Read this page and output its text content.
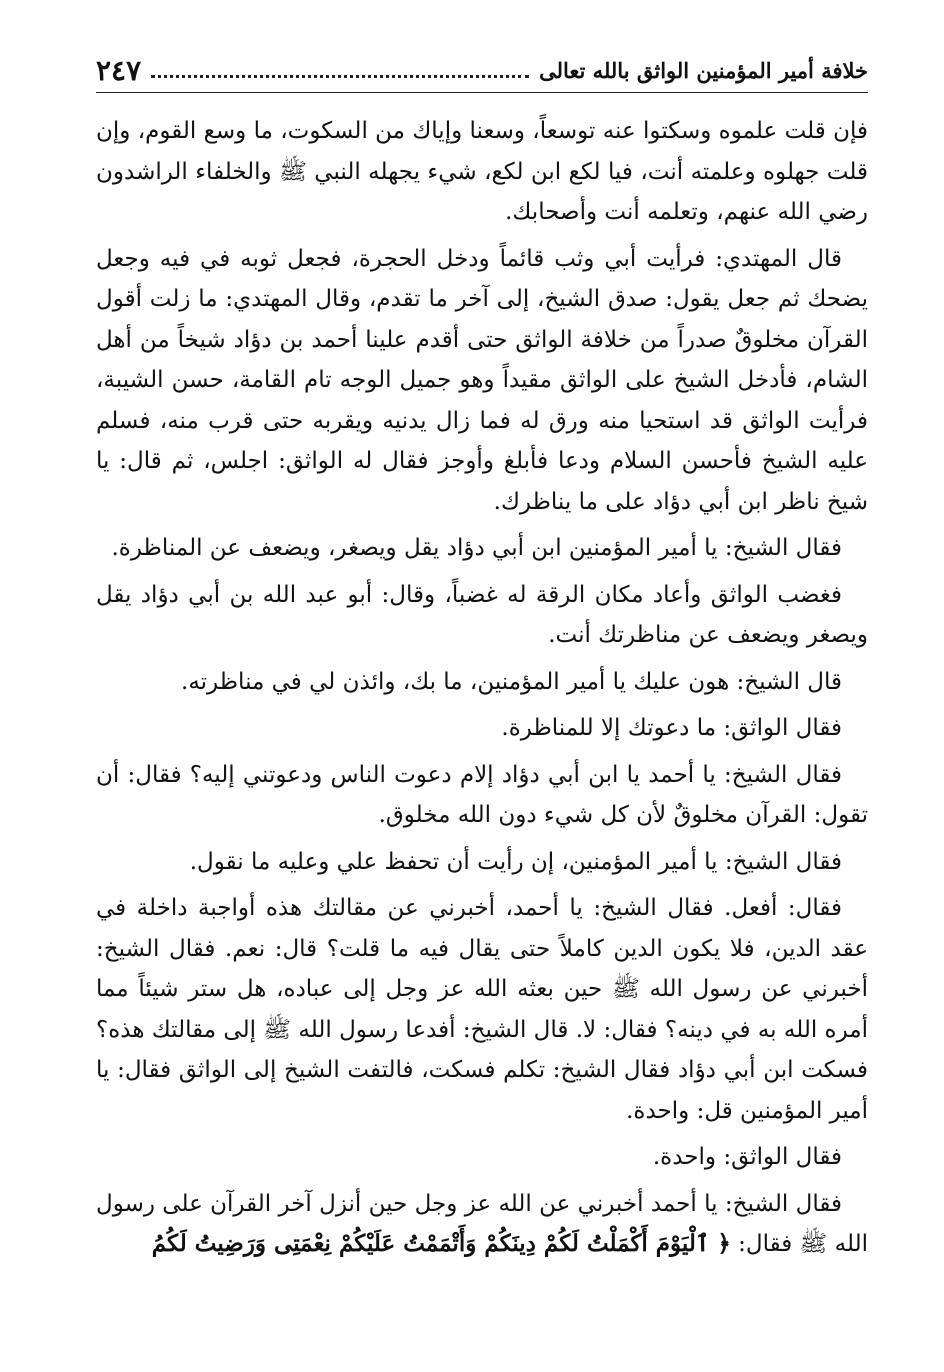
خلافة أمير المؤمنين الواثق بالله تعالى
٢٤٧

فإن قلت علموه وسكتوا عنه توسعاً، وسعنا وإياك من السكوت، ما وسع القوم، وإن قلت جهلوه وعلمته أنت، فيا لكع ابن لكع، شيء يجهله النبي ﷺ والخلفاء الراشدون رضي الله عنهم، وتعلمه أنت وأصحابك.

قال المهتدي: فرأيت أبي وثب قائماً ودخل الحجرة، فجعل ثوبه في فيه وجعل يضحك ثم جعل يقول: صدق الشيخ، إلى آخر ما تقدم، وقال المهتدي: ما زلت أقول القرآن مخلوقٌ صدراً من خلافة الواثق حتى أقدم علينا أحمد بن دؤاد شيخاً من أهل الشام، فأدخل الشيخ على الواثق مقيداً وهو جميل الوجه تام القامة، حسن الشيبة، فرأيت الواثق قد استحيا منه ورق له فما زال يدنيه ويقربه حتى قرب منه، فسلم عليه الشيخ فأحسن السلام ودعا فأبلغ وأوجز فقال له الواثق: اجلس، ثم قال: يا شيخ ناظر ابن أبي دؤاد على ما يناظرك.

فقال الشيخ: يا أمير المؤمنين ابن أبي دؤاد يقل ويصغر، ويضعف عن المناظرة.

فغضب الواثق وأعاد مكان الرقة له غضباً، وقال: أبو عبد الله بن أبي دؤاد يقل ويصغر ويضعف عن مناظرتك أنت.

قال الشيخ: هون عليك يا أمير المؤمنين، ما بك، وائذن لي في مناظرته.

فقال الواثق: ما دعوتك إلا للمناظرة.

فقال الشيخ: يا أحمد يا ابن أبي دؤاد إلام دعوت الناس ودعوتني إليه؟ فقال: أن تقول: القرآن مخلوقٌ لأن كل شيء دون الله مخلوق.

فقال الشيخ: يا أمير المؤمنين، إن رأيت أن تحفظ علي وعليه ما نقول.

فقال: أفعل. فقال الشيخ: يا أحمد، أخبرني عن مقالتك هذه أواجبة داخلة في عقد الدين، فلا يكون الدين كاملاً حتى يقال فيه ما قلت؟ قال: نعم. فقال الشيخ: أخبرني عن رسول الله ﷺ حين بعثه الله عز وجل إلى عباده، هل ستر شيئاً مما أمره الله به في دينه؟ فقال: لا. قال الشيخ: أفدعا رسول الله ﷺ إلى مقالتك هذه؟ فسكت ابن أبي دؤاد فقال الشيخ: تكلم فسكت، فالتفت الشيخ إلى الواثق فقال: يا أمير المؤمنين قل: واحدة.

فقال الواثق: واحدة.

فقال الشيخ: يا أحمد أخبرني عن الله عز وجل حين أنزل آخر القرآن على رسول الله ﷺ فقال: ﴿ ٱلْيَوْمَ أَكْمَلْتُ لَكُمْ دِينَكُمْ وَأَتْمَمْتُ عَلَيْكُمْ نِعْمَتِى وَرَضِيتُ لَكُمُ
